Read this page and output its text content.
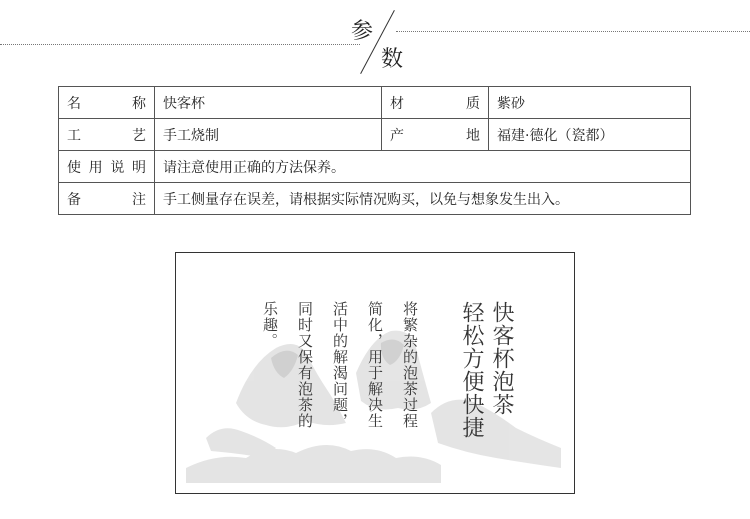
参
数
名称	快客杯	材质	紫砂
工艺	手工烧制	产地	福建·德化（瓷都）
使用说明	请注意使用正确的方法保养。		
备注	手工侧量存在误差，请根据实际情况购买，以免与想象发生出入。		
快客杯泡茶
轻松方便快捷
将繁杂的泡茶过程
简化，用于解决生
活中的解渴问题，
同时又保有泡茶的
乐趣。
